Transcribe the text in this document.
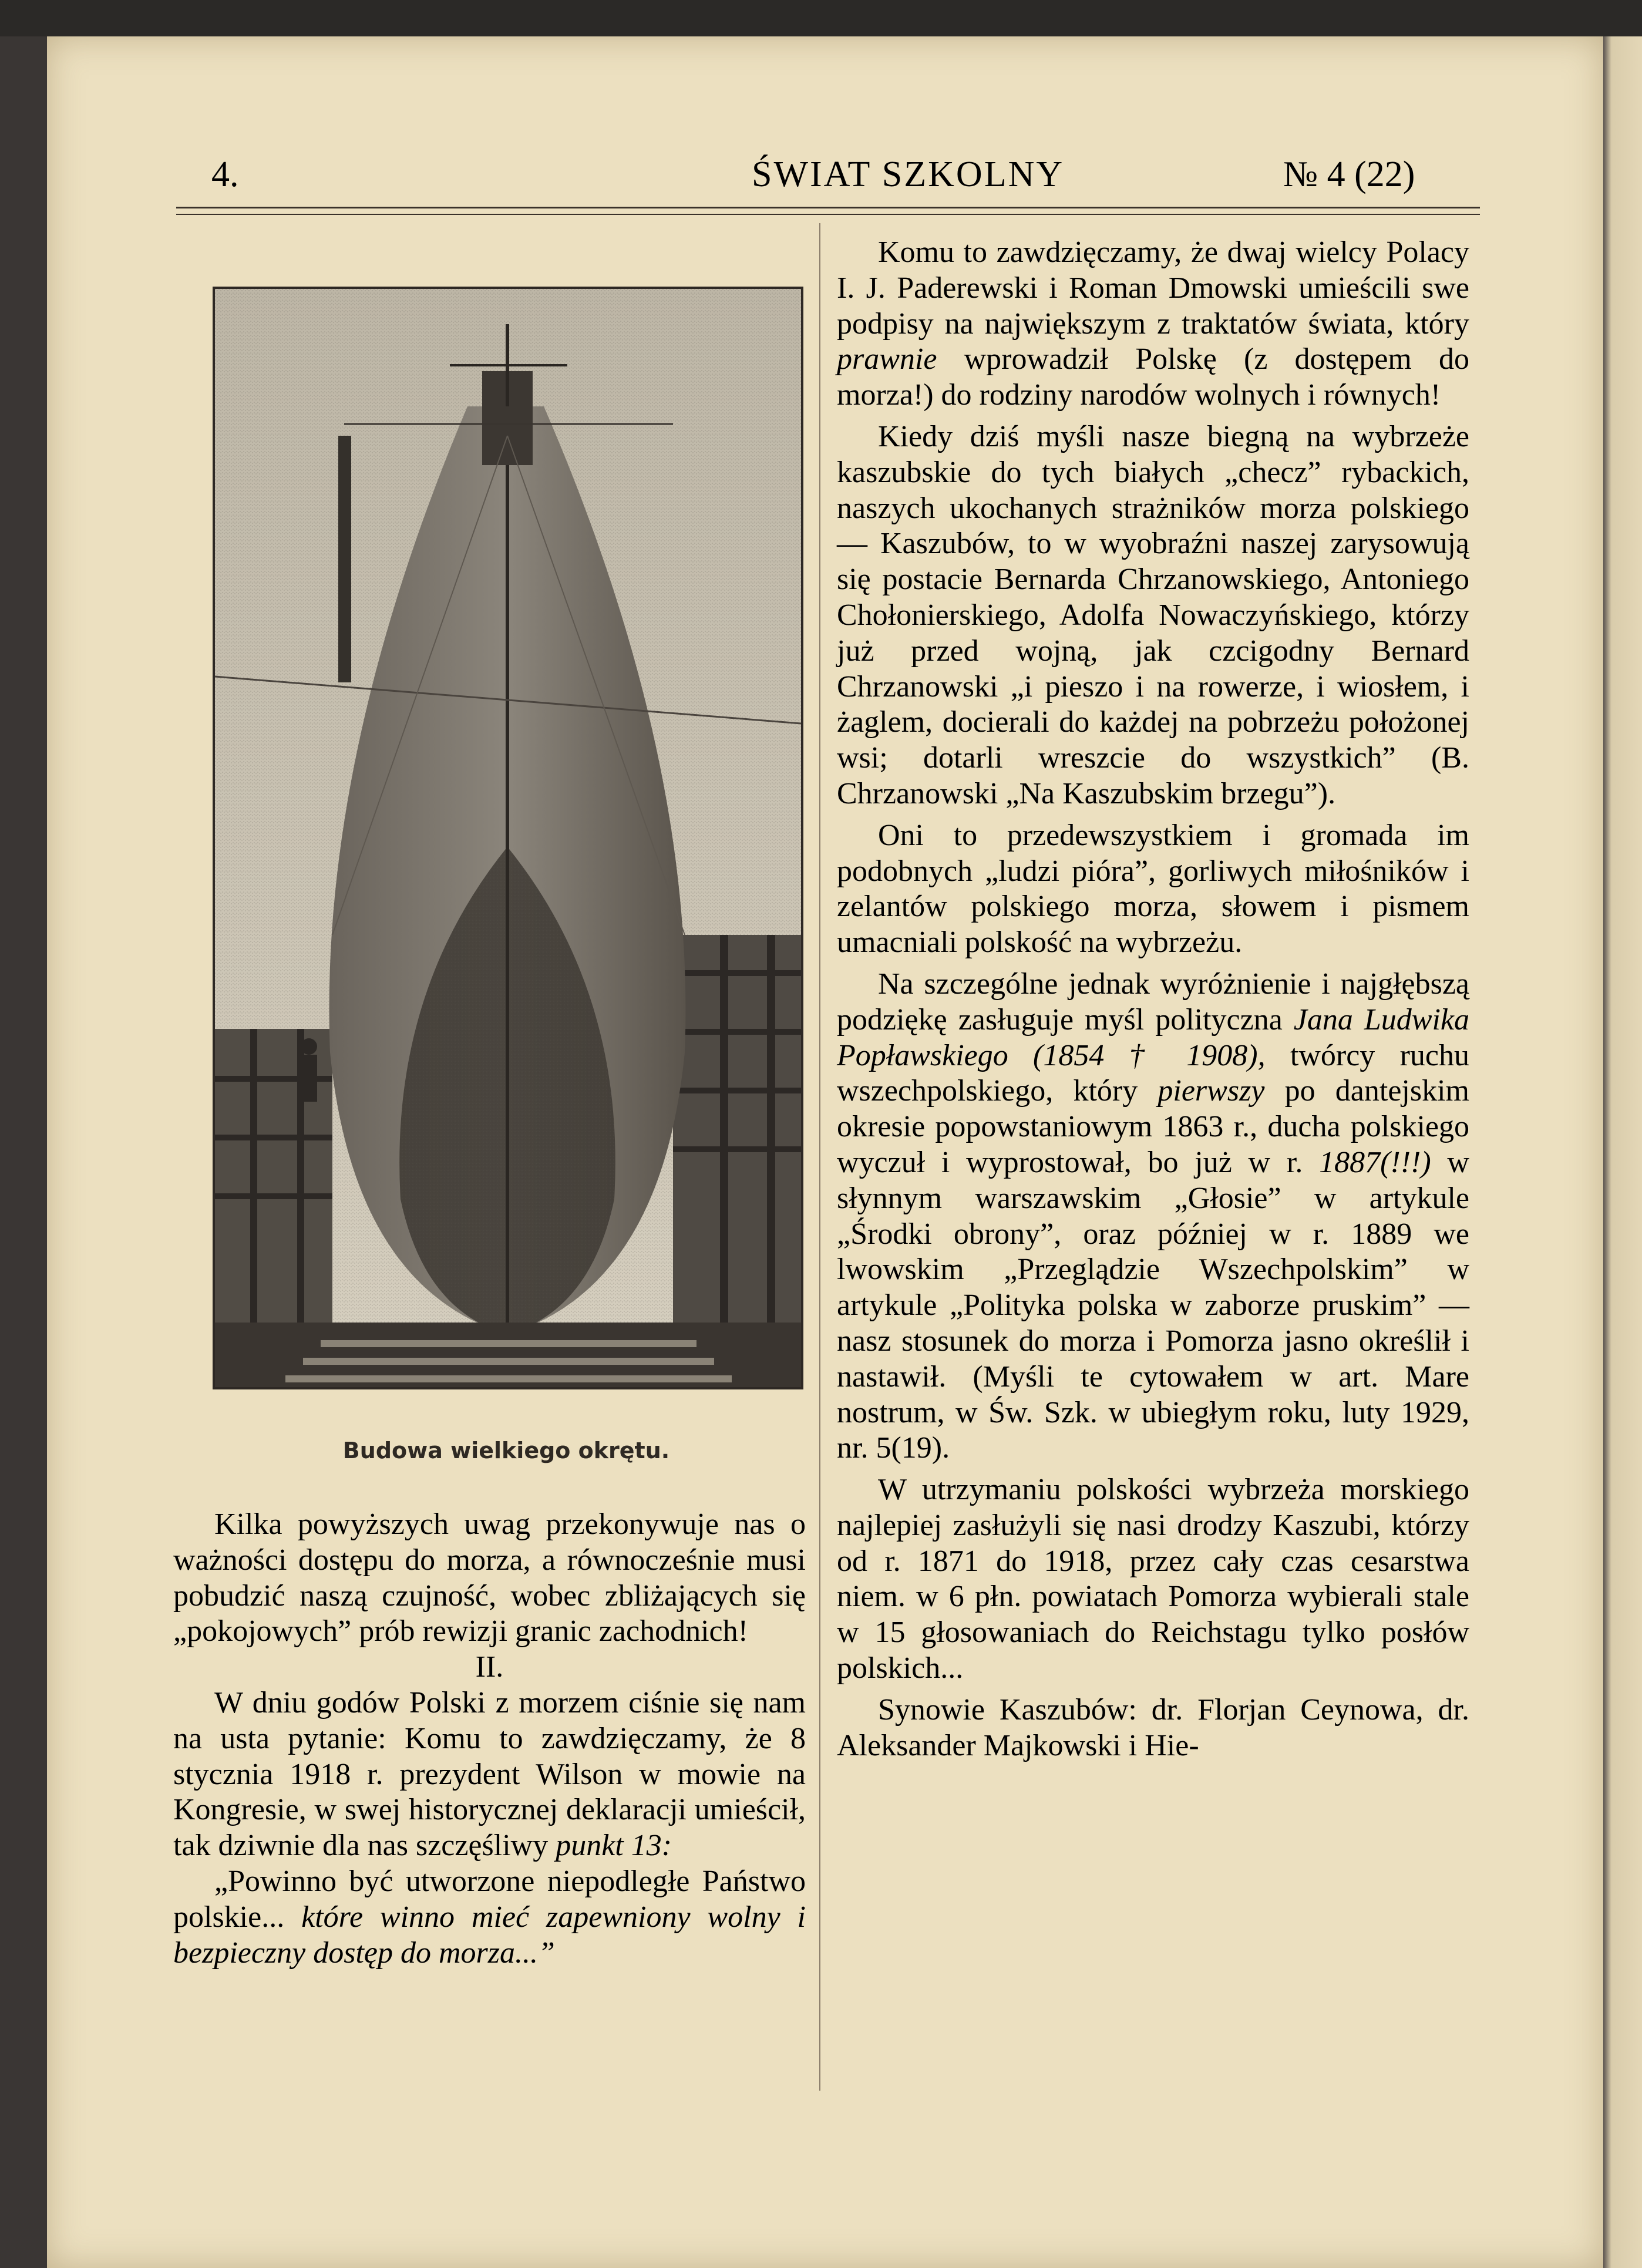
4.	ŚWIAT SZKOLNY	№ 4 (22)
Budowa wielkiego okrętu.

Kilka powyższych uwag przekonywuje nas o ważności dostępu do morza, a równocześnie musi pobudzić naszą czujność, wobec zbliżających się „pokojowych” prób rewizji granic zachodnich!

II.

W dniu godów Polski z morzem ciśnie się nam na usta pytanie: Komu to zawdzięczamy, że 8 stycznia 1918 r. prezydent Wilson w mowie na Kongresie, w swej historycznej deklaracji umieścił, tak dziwnie dla nas szczęśliwy punkt 13:

„Powinno być utworzone niepodległe Państwo polskie... które winno mieć zapewniony wolny i bezpieczny dostęp do morza...”

Komu to zawdzięczamy, że dwaj wielcy Polacy I. J. Paderewski i Roman Dmowski umieścili swe podpisy na największym z traktatów świata, który prawnie wprowadził Polskę (z dostępem do morza!) do rodziny narodów wolnych i równych!

Kiedy dziś myśli nasze biegną na wybrzeże kaszubskie do tych białych „checz” rybackich, naszych ukochanych strażników morza polskiego — Kaszubów, to w wyobraźni naszej zarysowują się postacie Bernarda Chrzanowskiego, Antoniego Chołonierskiego, Adolfa Nowaczyńskiego, którzy już przed wojną, jak czcigodny Bernard Chrzanowski „i pieszo i na rowerze, i wiosłem, i żaglem, docierali do każdej na pobrzeżu położonej wsi; dotarli wreszcie do wszystkich” (B. Chrzanowski „Na Kaszubskim brzegu”).

Oni to przedewszystkiem i gromada im podobnych „ludzi pióra”, gorliwych miłośników i zelantów polskiego morza, słowem i pismem umacniali polskość na wybrzeżu.

Na szczególne jednak wyróżnienie i najgłębszą podziękę zasługuje myśl polityczna Jana Ludwika Popławskiego (1854 † 1908), twórcy ruchu wszechpolskiego, który pierwszy po dantejskim okresie popowstaniowym 1863 r., ducha polskiego wyczuł i wyprostował, bo już w r. 1887(!!!) w słynnym warszawskim „Głosie” w artykule „Środki obrony”, oraz później w r. 1889 we lwowskim „Przeglądzie Wszechpolskim” w artykule „Polityka polska w zaborze pruskim” — nasz stosunek do morza i Pomorza jasno określił i nastawił. (Myśli te cytowałem w art. Mare nostrum, w Św. Szk. w ubiegłym roku, luty 1929, nr. 5(19).

W utrzymaniu polskości wybrzeża morskiego najlepiej zasłużyli się nasi drodzy Kaszubi, którzy od r. 1871 do 1918, przez cały czas cesarstwa niem. w 6 płn. powiatach Pomorza wybierali stale w 15 głosowaniach do Reichstagu tylko posłów polskich...

Synowie Kaszubów: dr. Florjan Ceynowa, dr. Aleksander Majkowski i Hie-
